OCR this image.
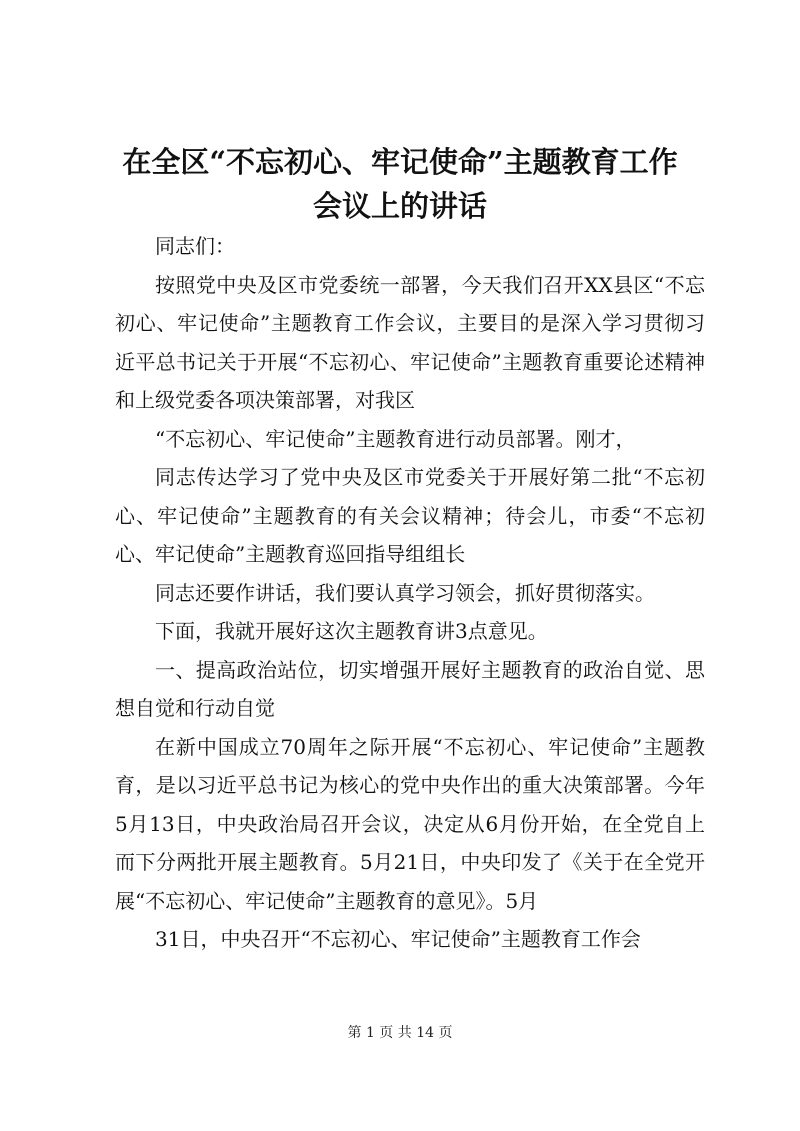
在全区“不忘初心、牢记使命”主题教育工作
会议上的讲话

同志们：

按照党中央及区市党委统一部署，今天我们召开XX县区“不忘初心、牢记使命”主题教育工作会议，主要目的是深入学习贯彻习近平总书记关于开展“不忘初心、牢记使命”主题教育重要论述精神和上级党委各项决策部署，对我区

“不忘初心、牢记使命”主题教育进行动员部署。刚才，

同志传达学习了党中央及区市党委关于开展好第二批“不忘初心、牢记使命”主题教育的有关会议精神；待会儿，市委“不忘初心、牢记使命”主题教育巡回指导组组长

同志还要作讲话，我们要认真学习领会，抓好贯彻落实。

下面，我就开展好这次主题教育讲3点意见。

一、提高政治站位，切实增强开展好主题教育的政治自觉、思想自觉和行动自觉

在新中国成立70周年之际开展“不忘初心、牢记使命”主题教育，是以习近平总书记为核心的党中央作出的重大决策部署。今年5月13日，中央政治局召开会议，决定从6月份开始，在全党自上而下分两批开展主题教育。5月21日，中央印发了《关于在全党开展“不忘初心、牢记使命”主题教育的意见》。5月

31日，中央召开“不忘初心、牢记使命”主题教育工作会

第 1 页 共 14 页
